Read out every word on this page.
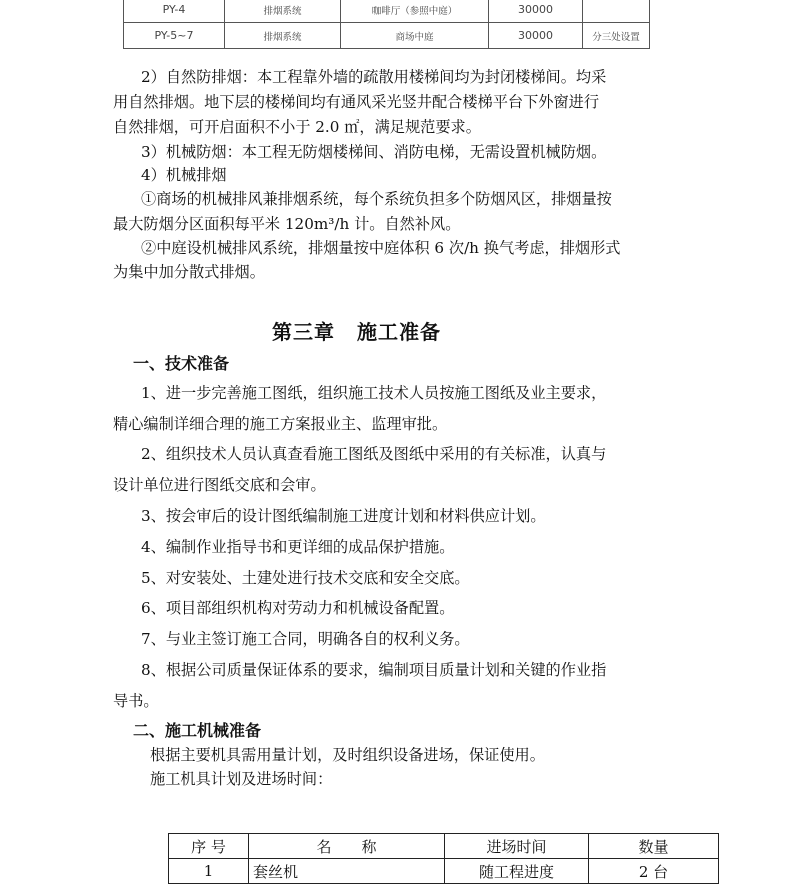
PY-4	排烟系统	咖啡厅（参照中庭）	30000	
PY-5~7	排烟系统	商场中庭	30000	分三处设置
2）自然防排烟：本工程靠外墙的疏散用楼梯间均为封闭楼梯间。均采
用自然排烟。地下层的楼梯间均有通风采光竖井配合楼梯平台下外窗进行
自然排烟，可开启面积不小于 2.0 ㎡，满足规范要求。
3）机械防烟：本工程无防烟楼梯间、消防电梯，无需设置机械防烟。
4）机械排烟
①商场的机械排风兼排烟系统，每个系统负担多个防烟风区，排烟量按
最大防烟分区面积每平米 120m³/h 计。自然补风。
②中庭设机械排风系统，排烟量按中庭体积 6 次/h 换气考虑，排烟形式
为集中加分散式排烟。
第三章 施工准备
一、技术准备
1、进一步完善施工图纸，组织施工技术人员按施工图纸及业主要求，
精心编制详细合理的施工方案报业主、监理审批。
2、组织技术人员认真查看施工图纸及图纸中采用的有关标准，认真与
设计单位进行图纸交底和会审。
3、按会审后的设计图纸编制施工进度计划和材料供应计划。
4、编制作业指导书和更详细的成品保护措施。
5、对安装处、土建处进行技术交底和安全交底。
6、项目部组织机构对劳动力和机械设备配置。
7、与业主签订施工合同，明确各自的权利义务。
8、根据公司质量保证体系的要求，编制项目质量计划和关键的作业指
导书。
二、施工机械准备
根据主要机具需用量计划，及时组织设备进场，保证使用。
施工机具计划及进场时间：
序 号	名　　称	进场时间	数量
1	套丝机	随工程进度	2 台
